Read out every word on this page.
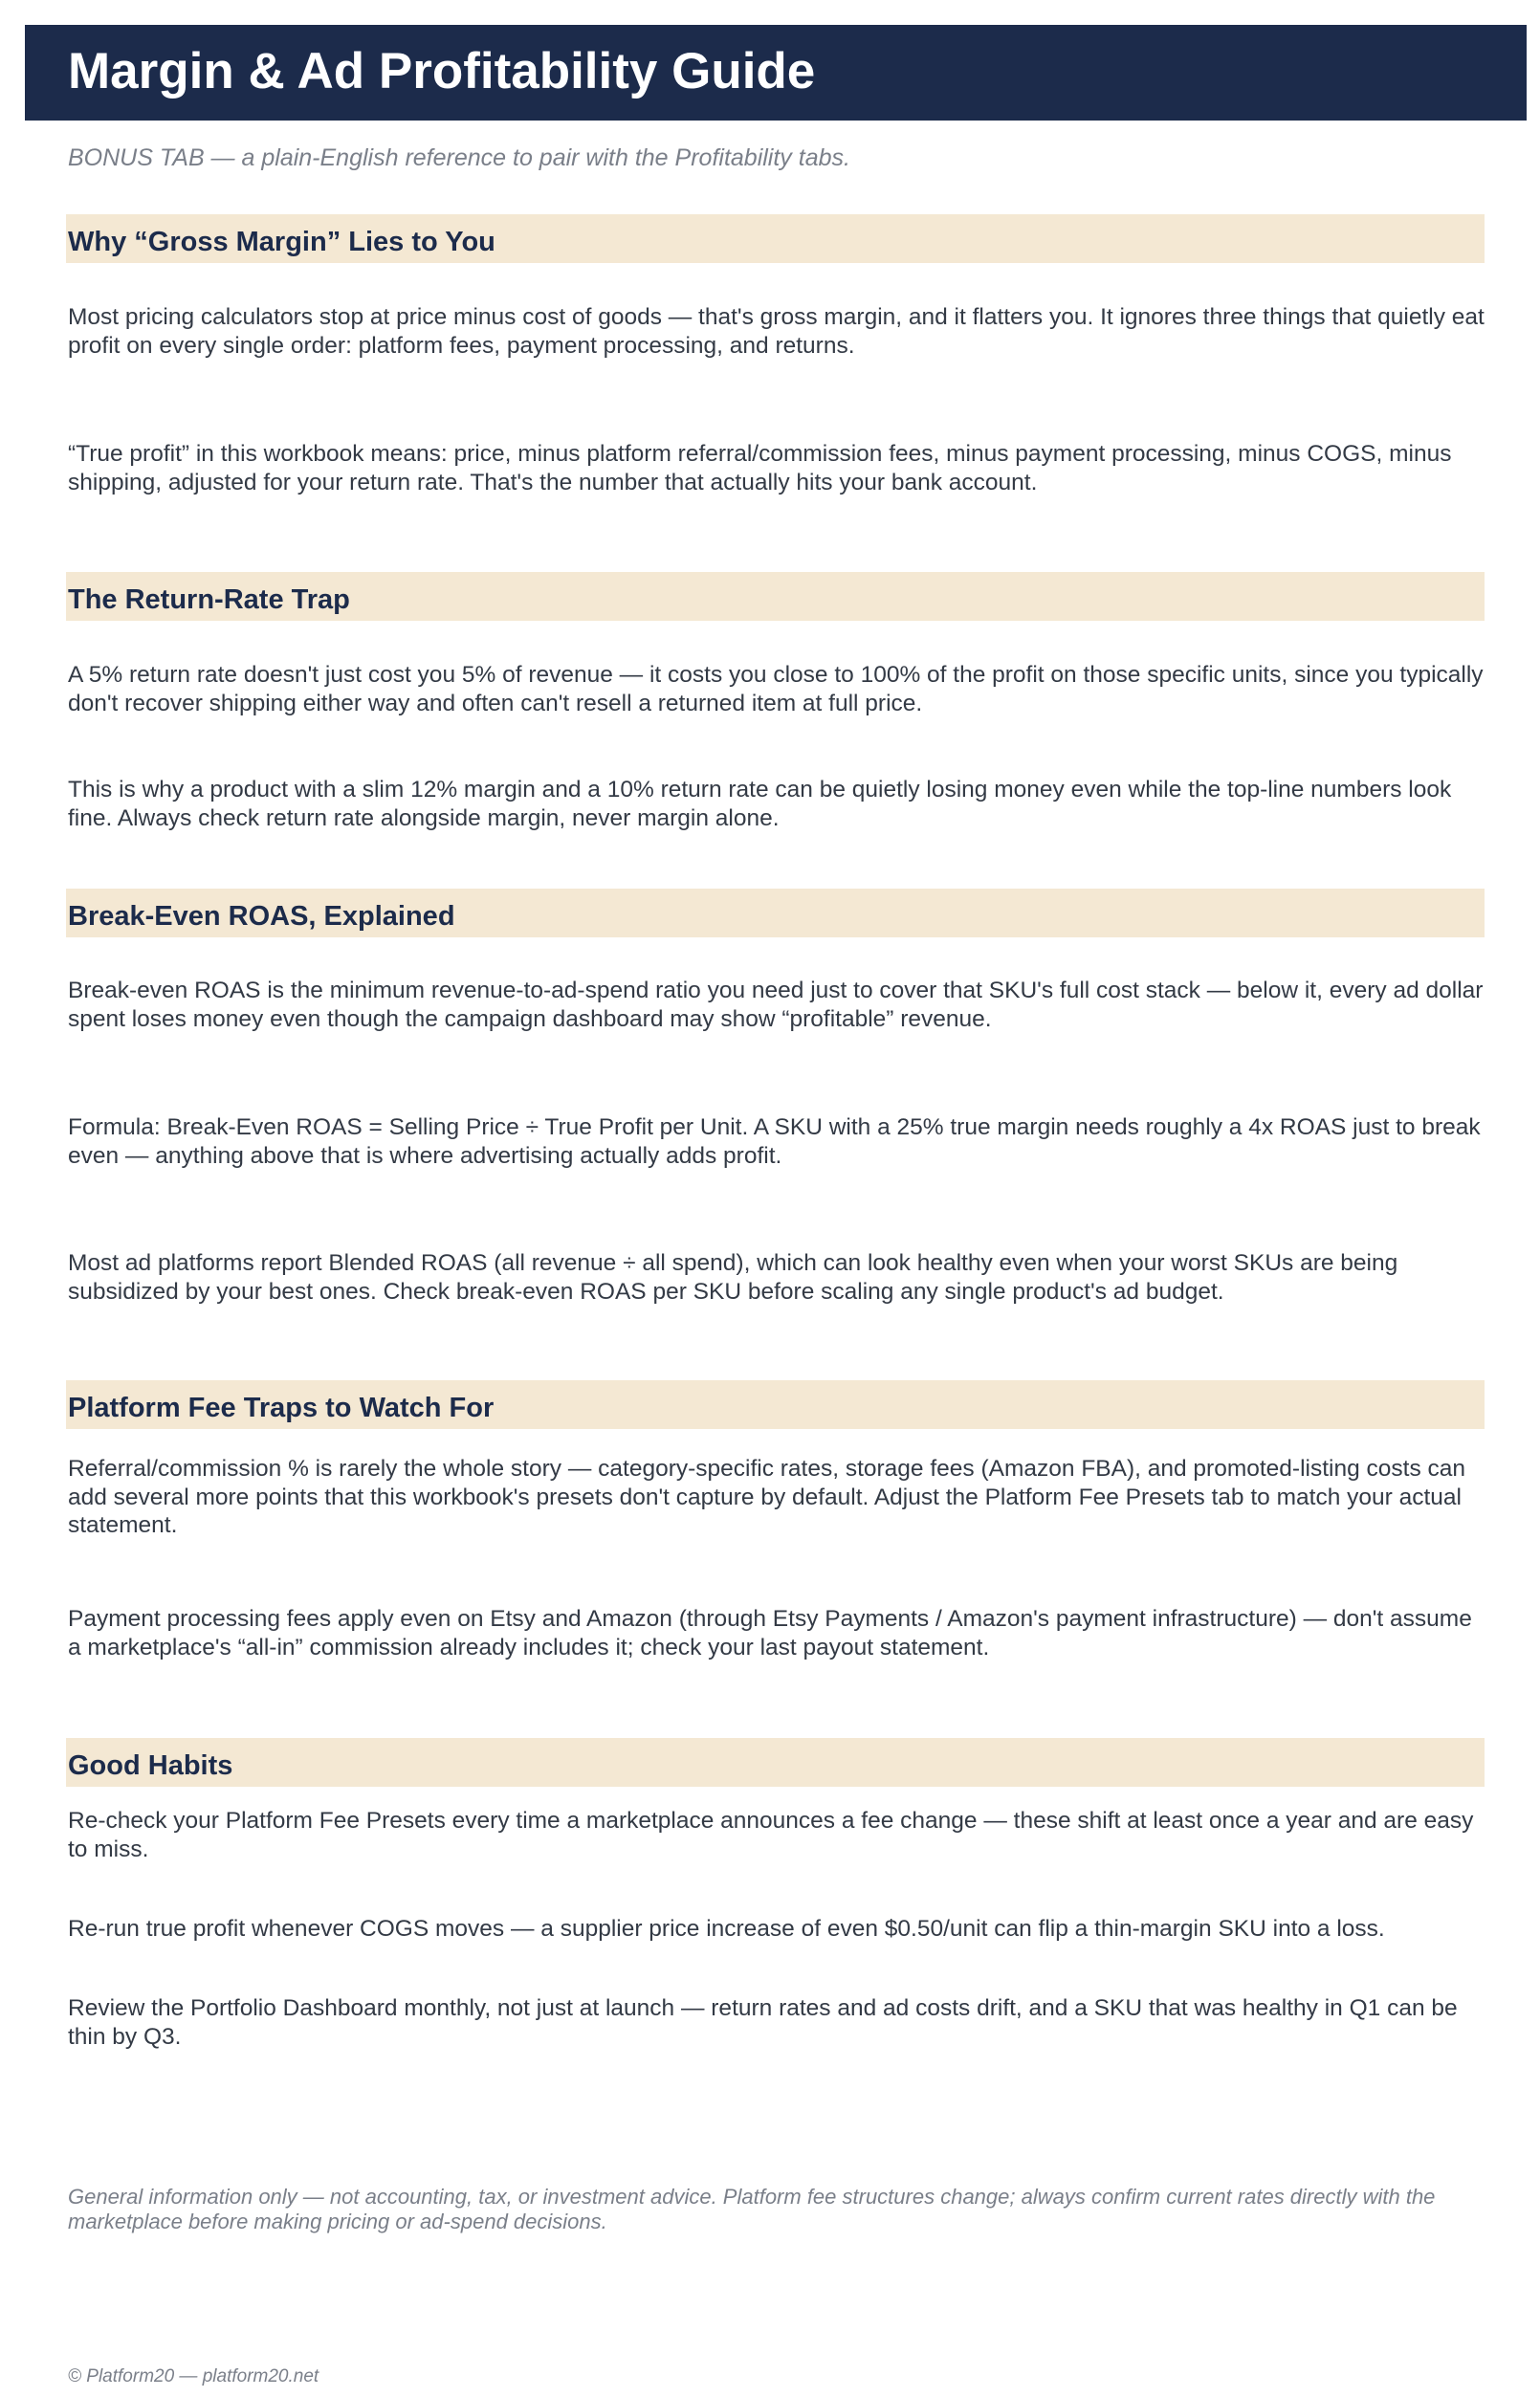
Margin & Ad Profitability Guide

BONUS TAB — a plain-English reference to pair with the Profitability tabs.

Why “Gross Margin” Lies to You

Most pricing calculators stop at price minus cost of goods — that's gross margin, and it flatters you. It ignores three things that quietly eat profit on every single order: platform fees, payment processing, and returns.

“True profit” in this workbook means: price, minus platform referral/commission fees, minus payment processing, minus COGS, minus shipping, adjusted for your return rate. That's the number that actually hits your bank account.

The Return-Rate Trap

A 5% return rate doesn't just cost you 5% of revenue — it costs you close to 100% of the profit on those specific units, since you typically don't recover shipping either way and often can't resell a returned item at full price.

This is why a product with a slim 12% margin and a 10% return rate can be quietly losing money even while the top-line numbers look fine. Always check return rate alongside margin, never margin alone.

Break-Even ROAS, Explained

Break-even ROAS is the minimum revenue-to-ad-spend ratio you need just to cover that SKU's full cost stack — below it, every ad dollar spent loses money even though the campaign dashboard may show “profitable” revenue.

Formula: Break-Even ROAS = Selling Price ÷ True Profit per Unit. A SKU with a 25% true margin needs roughly a 4x ROAS just to break even — anything above that is where advertising actually adds profit.

Most ad platforms report Blended ROAS (all revenue ÷ all spend), which can look healthy even when your worst SKUs are being subsidized by your best ones. Check break-even ROAS per SKU before scaling any single product's ad budget.

Platform Fee Traps to Watch For

Referral/commission % is rarely the whole story — category-specific rates, storage fees (Amazon FBA), and promoted-listing costs can add several more points that this workbook's presets don't capture by default. Adjust the Platform Fee Presets tab to match your actual statement.

Payment processing fees apply even on Etsy and Amazon (through Etsy Payments / Amazon's payment infrastructure) — don't assume a marketplace's “all-in” commission already includes it; check your last payout statement.

Good Habits

Re-check your Platform Fee Presets every time a marketplace announces a fee change — these shift at least once a year and are easy to miss.

Re-run true profit whenever COGS moves — a supplier price increase of even $0.50/unit can flip a thin-margin SKU into a loss.

Review the Portfolio Dashboard monthly, not just at launch — return rates and ad costs drift, and a SKU that was healthy in Q1 can be thin by Q3.

General information only — not accounting, tax, or investment advice. Platform fee structures change; always confirm current rates directly with the marketplace before making pricing or ad-spend decisions.

© Platform20 — platform20.net
